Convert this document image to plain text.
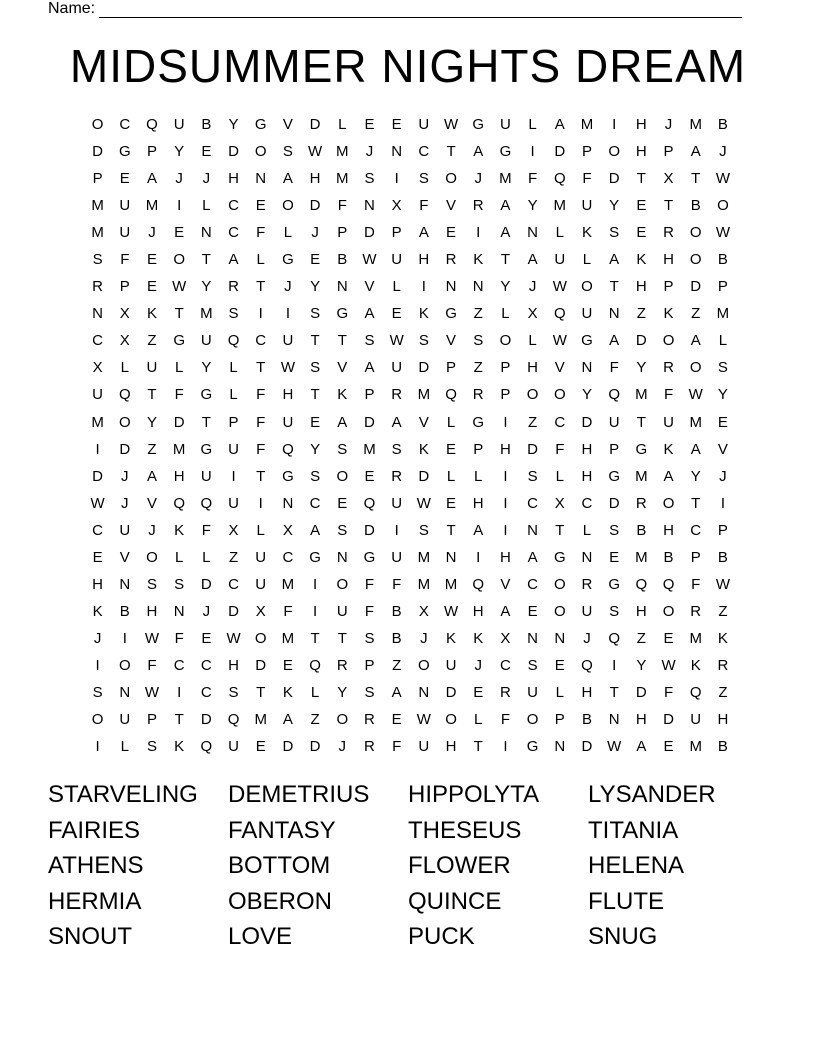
Name:
MIDSUMMER NIGHTS DREAM
O	C	Q	U	B	Y	G	V	D	L	E	E	U W G	U	L	A	M	I	H	J	M	B
D	G	P	Y	E	D	O	S	W M	J	N	C	T	A	G	I	D	P	O	H	P	A	J
P	E	A	J	J	H	N	A	H	M	S	I	S	O	J	M	F	Q	F	D	T	X	T	W
M	U	M	I	L	C	E	O	D	F	N	X	F	V	R	A	Y	M	U	Y	E	T	B	O
M	U	J	E	N	C	F	L	J	P	D	P	A	E	I	A	N	L	K	S	E	R	O W
S	F	E	O	T	A	L	G	E	B	W U	H	R	K	T	A	U	L	A	K	H	O	B
R	P	E	W	Y	R	T	J	Y	N	V	L	I	N	N	Y	J	W O	T	H	P	D	P
N	X	K	T	M	S	I	I	S	G	A	E	K	G	Z	L	X	Q	U	N	Z	K	Z	M
C	X	Z	G	U	Q	C	U	T	T	S	W	S	V	S	O	L	W G	A	D	O	A	L
X	L	U	L	Y	L	T	W	S	V	A	U	D	P	Z	P	H	V	N	F	Y	R	O	S
U	Q	T	F	G	L	F	H	T	K	P	R	M	Q	R	P	O	O	Y	Q	M	F	W	Y
M	O	Y	D	T	P	F	U	E	A	D	A	V	L	G	I	Z	C	D	U	T	U	M	E
I	D	Z	M	G	U	F	Q	Y	S	M	S	K	E	P	H	D	F	H	P	G	K	A	V
D	J	A	H	U	I	T	G	S	O	E	R	D	L	L	I	S	L	H	G	M	A	Y	J
W	J	V	Q	Q	U	I	N	C	E	Q	U W	E	H	I	C	X	C	D	R	O	T	I
C	U	J	K	F	X	L	X	A	S	D	I	S	T	A	I	N	T	L	S	B	H	C	P
E	V	O	L	L	Z	U	C	G	N	G	U	M	N	I	H	A	G	N	E	M	B	P	B
H	N	S	S	D	C	U	M	I	O	F	F	M M	Q	V	C	O	R	G	Q	Q	F	W
K	B	H	N	J	D	X	F	I	U	F	B	X	W H	A	E	O	U	S	H	O	R	Z
J	I	W	F	E	W O	M	T	T	S	B	J	K	K	X	N	N	J	Q	Z	E	M	K
I	O	F	C	C	H	D	E	Q	R	P	Z	O	U	J	C	S	E	Q	I	Y	W	K	R
S	N W	I	C	S	T	K	L	Y	S	A	N	D	E	R	U	L	H	T	D	F	Q	Z
O	U	P	T	D	Q	M	A	Z	O	R	E	W O	L	F	O	P	B	N	H	D	U	H
I	L	S	K	Q	U	E	D	D	J	R	F	U	H	T	I	G	N	D W	A	E	M	B
STARVELING	DEMETRIUS	HIPPOLYTA	LYSANDER
FAIRIES	FANTASY	THESEUS	TITANIA
ATHENS	BOTTOM	FLOWER	HELENA
HERMIA	OBERON	QUINCE	FLUTE
SNOUT	LOVE	PUCK	SNUG
